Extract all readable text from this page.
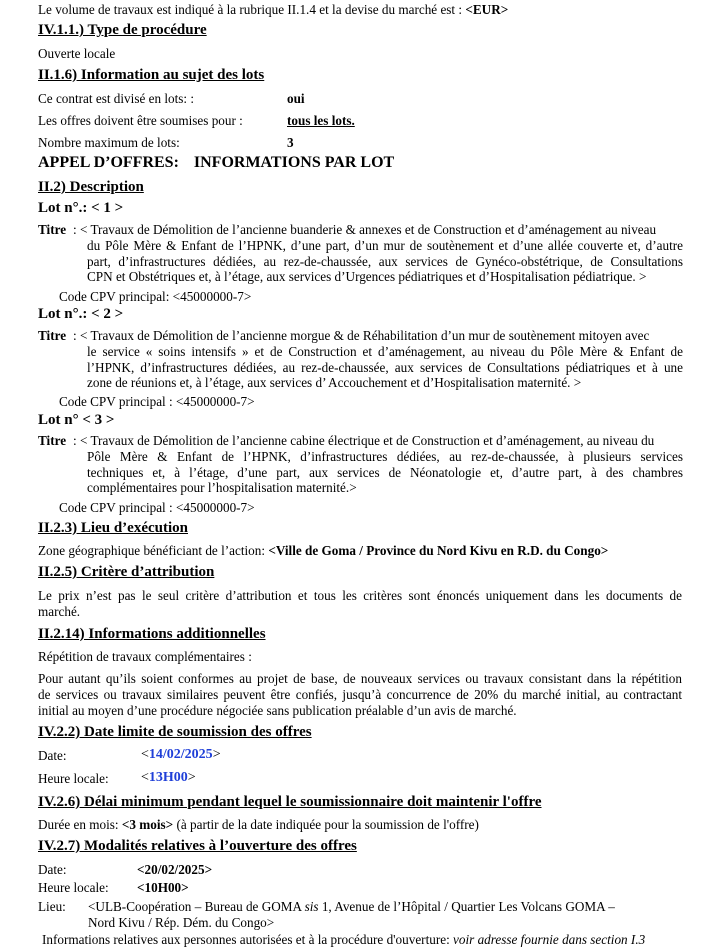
Le volume de travaux est indiqué à la rubrique II.1.4 et la devise du marché est : <EUR>
IV.1.1.) Type de procédure
Ouverte locale
II.1.6) Information au sujet des lots
Ce contrat est divisé en lots: :	oui
Les offres doivent être soumises pour :	tous les lots.
Nombre maximum de lots:	3
APPEL D’OFFRES: INFORMATIONS PAR LOT
II.2) Description
Lot n°.: < 1 >
Titre : < Travaux de Démolition de l’ancienne buanderie & annexes et de Construction et d’aménagement au niveau
du Pôle Mère & Enfant de l’HPNK, d’une part, d’un mur de soutènement et d’une allée couverte et, d’autre
part, d’infrastructures dédiées, au rez-de-chaussée, aux services de Gynéco-obstétrique, de Consultations
CPN et Obstétriques et, à l’étage, aux services d’Urgences pédiatriques et d’Hospitalisation pédiatrique. >
Code CPV principal: <45000000-7>
Lot n°.: < 2 >
Titre : < Travaux de Démolition de l’ancienne morgue & de Réhabilitation d’un mur de soutènement mitoyen avec
le service « soins intensifs » et de Construction et d’aménagement, au niveau du Pôle Mère & Enfant de
l’HPNK, d’infrastructures dédiées, au rez-de-chaussée, aux services de Consultations pédiatriques et à une
zone de réunions et, à l’étage, aux services d’ Accouchement et d’Hospitalisation maternité. >
Code CPV principal : <45000000-7>
Lot n° < 3 >
Titre : < Travaux de Démolition de l’ancienne cabine électrique et de Construction et d’aménagement, au niveau du
Pôle Mère & Enfant de l’HPNK, d’infrastructures dédiées, au rez-de-chaussée, à plusieurs services
techniques et, à l’étage, d’une part, aux services de Néonatologie et, d’autre part, à des chambres
complémentaires pour l’hospitalisation maternité.>
Code CPV principal : <45000000-7>
II.2.3) Lieu d’exécution
Zone géographique bénéficiant de l’action: <Ville de Goma / Province du Nord Kivu en R.D. du Congo>
II.2.5) Critère d’attribution
Le prix n’est pas le seul critère d’attribution et tous les critères sont énoncés uniquement dans les documents de
marché.
II.2.14) Informations additionnelles
Répétition de travaux complémentaires :
Pour autant qu’ils soient conformes au projet de base, de nouveaux services ou travaux consistant dans la répétition
de services ou travaux similaires peuvent être confiés, jusqu’à concurrence de 20% du marché initial, au contractant
initial au moyen d’une procédure négociée sans publication préalable d’un avis de marché.
IV.2.2) Date limite de soumission des offres
Date:	<14/02/2025>
Heure locale: <13H00>
IV.2.6) Délai minimum pendant lequel le soumissionnaire doit maintenir l'offre
Durée en mois: <3 mois> (à partir de la date indiquée pour la soumission de l'offre)
IV.2.7) Modalités relatives à l’ouverture des offres
Date:	<20/02/2025>
Heure locale: <10H00>
Lieu: <ULB-Coopération – Bureau de GOMA sis 1, Avenue de l’Hôpital / Quartier Les Volcans GOMA –
Nord Kivu / Rép. Dém. du Congo>
Informations relatives aux personnes autorisées et à la procédure d'ouverture: voir adresse fournie dans section I.3
